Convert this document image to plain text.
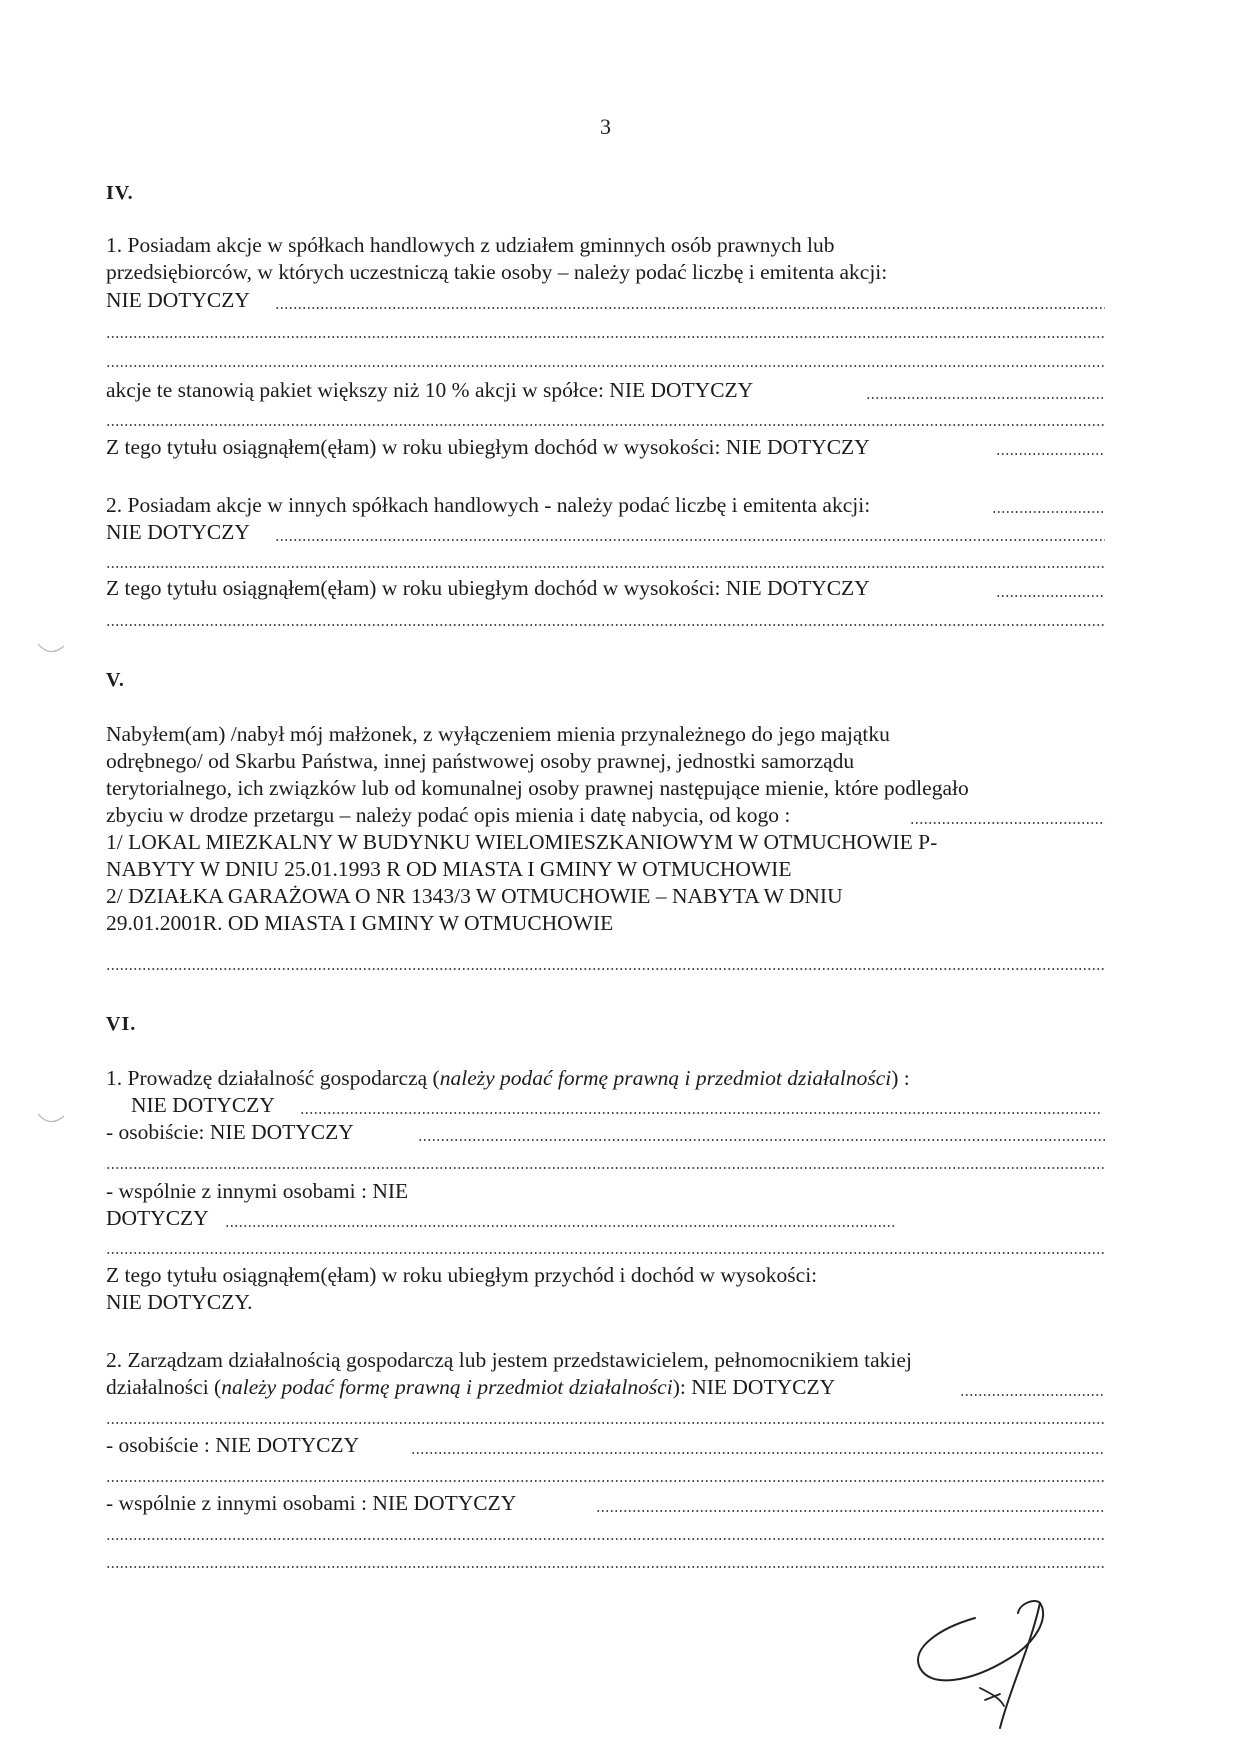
3
IV.
1. Posiadam akcje w spółkach handlowych z udziałem gminnych osób prawnych lub
przedsiębiorców, w których uczestniczą takie osoby – należy podać liczbę i emitenta akcji:
NIE DOTYCZY
akcje te stanowią pakiet większy niż 10 % akcji w spółce: NIE DOTYCZY
Z tego tytułu osiągnąłem(ęłam) w roku ubiegłym dochód w wysokości: NIE DOTYCZY
2. Posiadam akcje w innych spółkach handlowych - należy podać liczbę i emitenta akcji:
NIE DOTYCZY
Z tego tytułu osiągnąłem(ęłam) w roku ubiegłym dochód w wysokości: NIE DOTYCZY
V.
Nabyłem(am) /nabył mój małżonek, z wyłączeniem mienia przynależnego do jego majątku
odrębnego/ od Skarbu Państwa, innej państwowej osoby prawnej, jednostki samorządu
terytorialnego, ich związków lub od komunalnej osoby prawnej następujące mienie, które podlegało
zbyciu w drodze przetargu – należy podać opis mienia i datę nabycia, od kogo :
1/ LOKAL MIEZKALNY W BUDYNKU WIELOMIESZKANIOWYM W OTMUCHOWIE P-
NABYTY W DNIU 25.01.1993 R OD MIASTA I GMINY W OTMUCHOWIE
2/ DZIAŁKA GARAŻOWA O NR 1343/3 W OTMUCHOWIE – NABYTA W DNIU
29.01.2001R. OD MIASTA I GMINY W OTMUCHOWIE
VI.
1. Prowadzę działalność gospodarczą (należy podać formę prawną i przedmiot działalności) :
NIE DOTYCZY
- osobiście: NIE DOTYCZY
- wspólnie z innymi osobami : NIE
DOTYCZY
Z tego tytułu osiągnąłem(ęłam) w roku ubiegłym przychód i dochód w wysokości:
NIE DOTYCZY.
2. Zarządzam działalnością gospodarczą lub jestem przedstawicielem, pełnomocnikiem takiej
działalności (należy podać formę prawną i przedmiot działalności): NIE DOTYCZY
- osobiście : NIE DOTYCZY
- wspólnie z innymi osobami : NIE DOTYCZY
